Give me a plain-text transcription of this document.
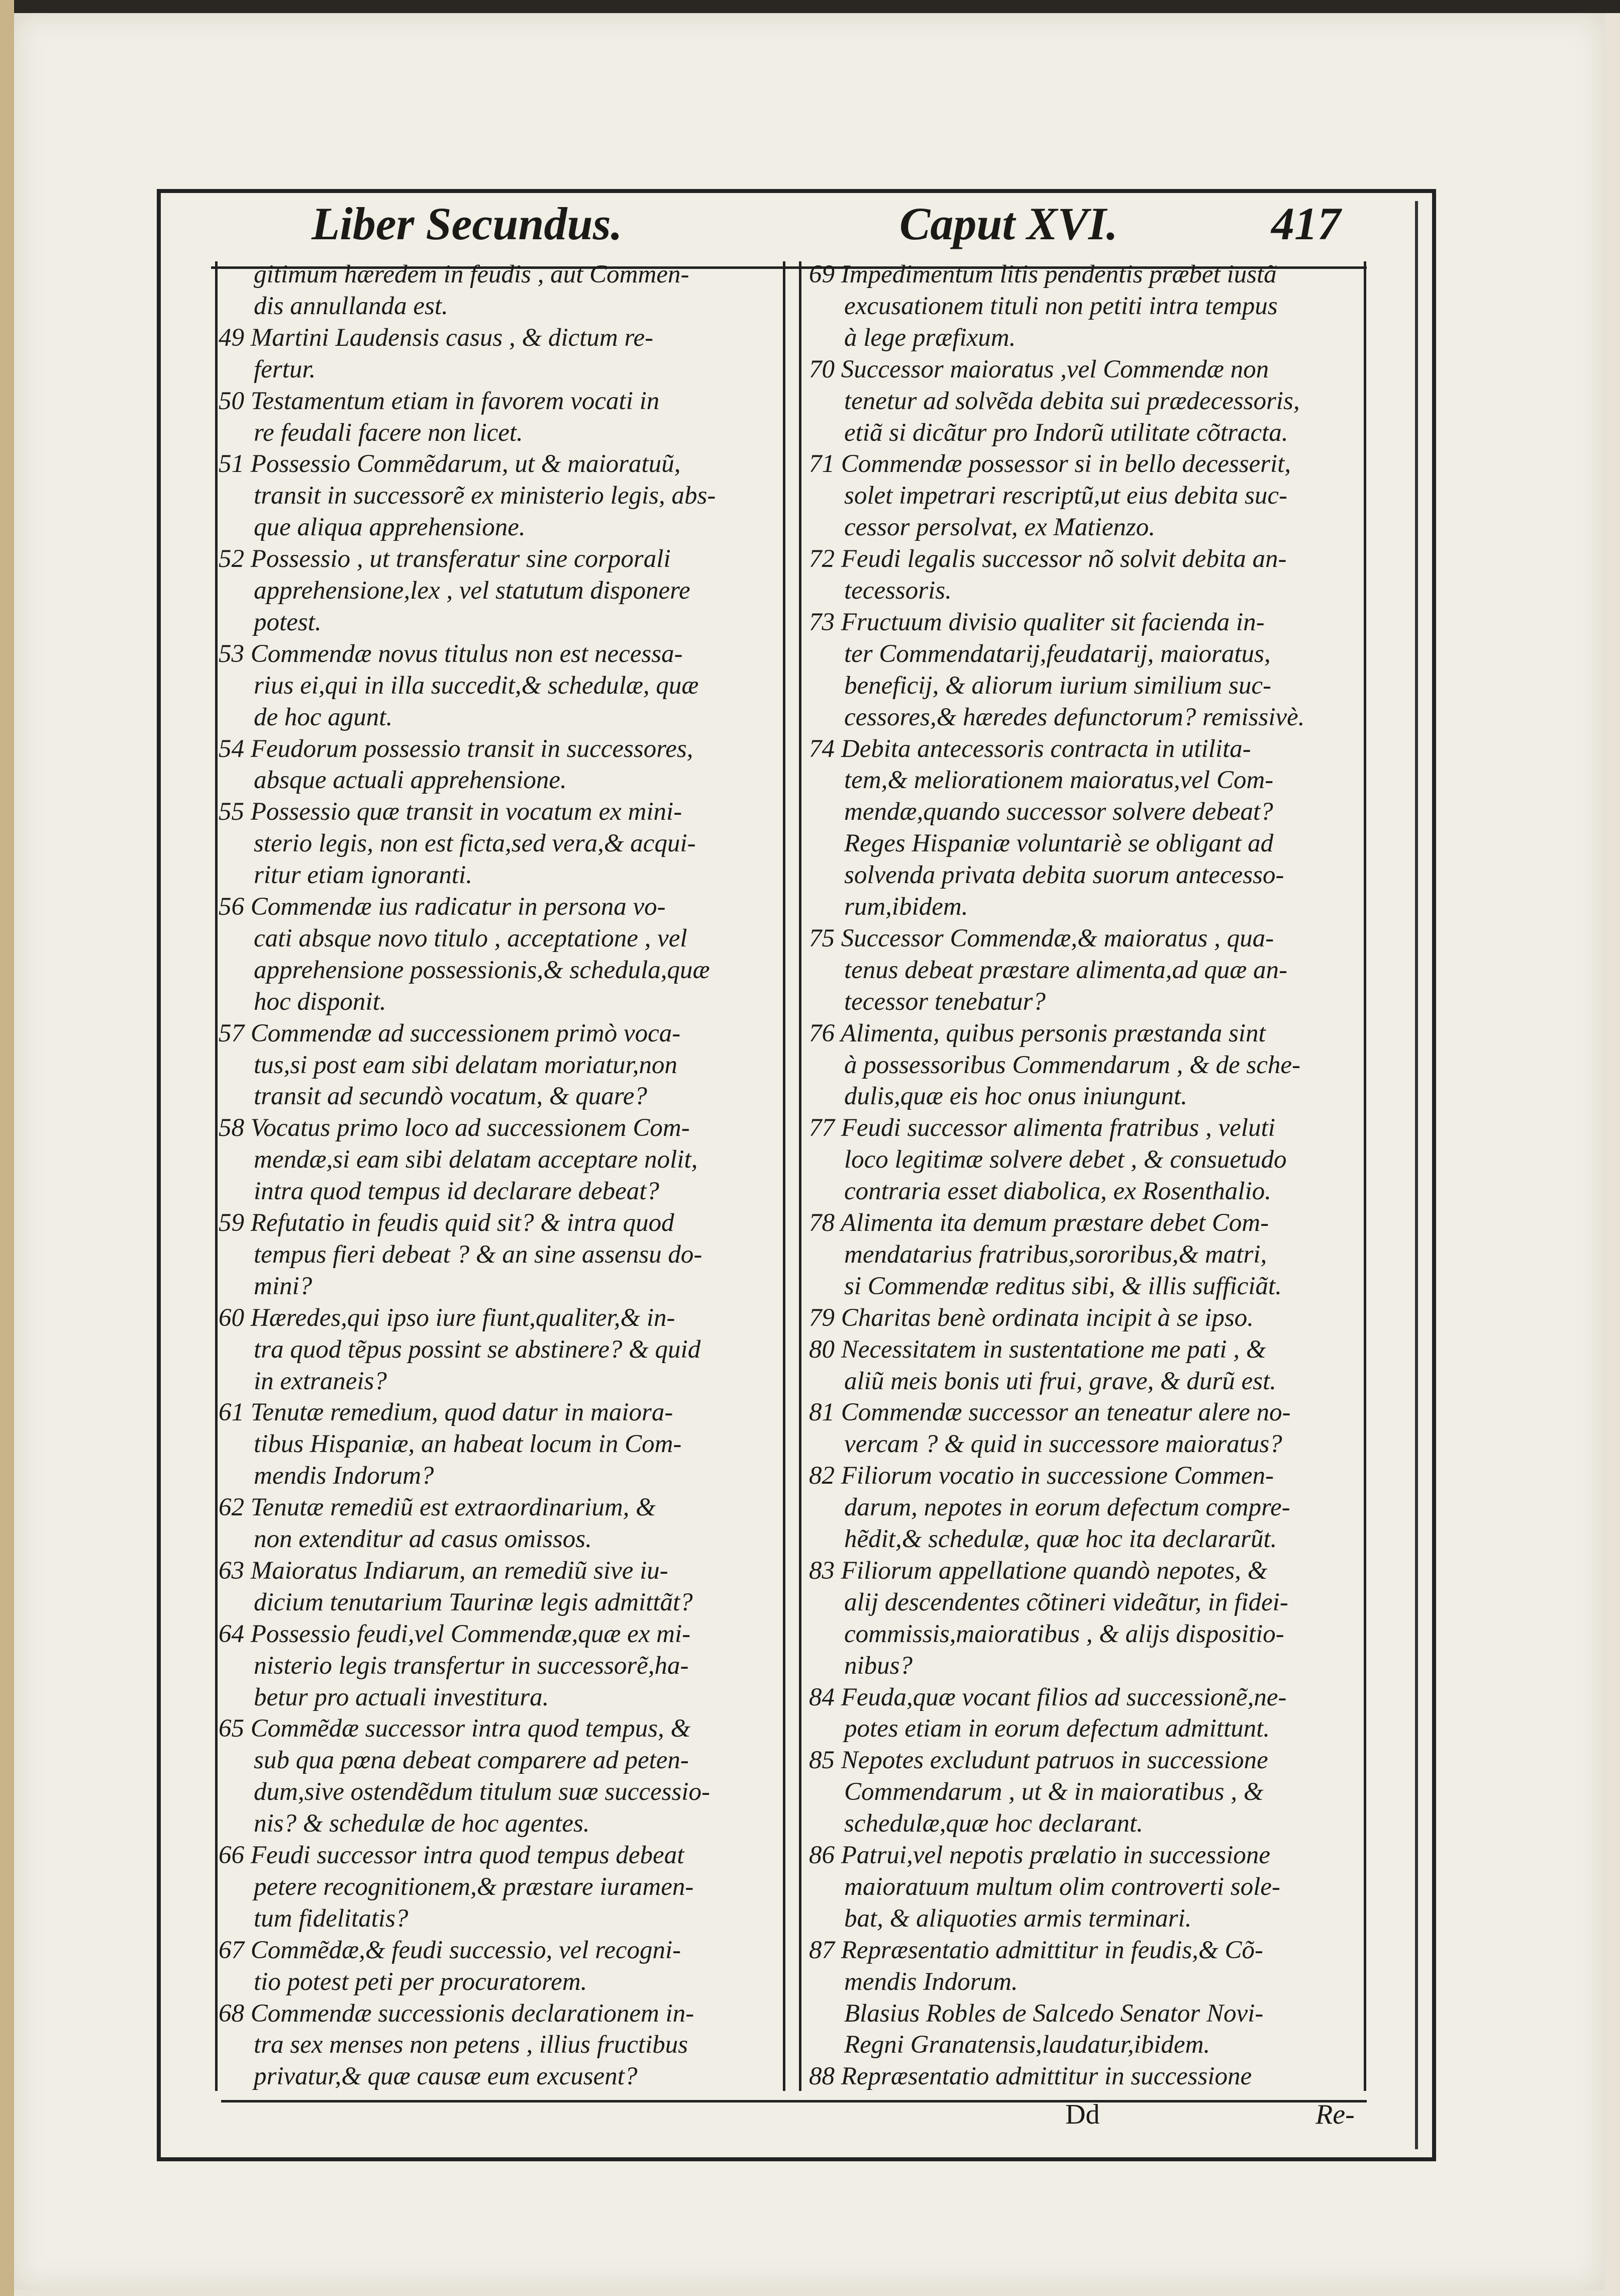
Liber Secundus.	Caput XVI.	417
gitimum hæredem in feudis , aut Commen-
dis annullanda est.
49 Martini Laudensis casus , & dictum re-
fertur.
50 Testamentum etiam in favorem vocati in
re feudali facere non licet.
51 Possessio Commẽdarum, ut & maioratuũ,
transit in successorẽ ex ministerio legis, abs-
que aliqua apprehensione.
52 Possessio , ut transferatur sine corporali
apprehensione,lex , vel statutum disponere
potest.
53 Commendæ novus titulus non est necessa-
rius ei,qui in illa succedit,& schedulæ, quæ
de hoc agunt.
54 Feudorum possessio transit in successores,
absque actuali apprehensione.
55 Possessio quæ transit in vocatum ex mini-
sterio legis, non est ficta,sed vera,& acqui-
ritur etiam ignoranti.
56 Commendæ ius radicatur in persona vo-
cati absque novo titulo , acceptatione , vel
apprehensione possessionis,& schedula,quæ
hoc disponit.
57 Commendæ ad successionem primò voca-
tus,si post eam sibi delatam moriatur,non
transit ad secundò vocatum, & quare?
58 Vocatus primo loco ad successionem Com-
mendæ,si eam sibi delatam acceptare nolit,
intra quod tempus id declarare debeat?
59 Refutatio in feudis quid sit? & intra quod
tempus fieri debeat ? & an sine assensu do-
mini?
60 Hæredes,qui ipso iure fiunt,qualiter,& in-
tra quod tẽpus possint se abstinere? & quid
in extraneis?
61 Tenutæ remedium, quod datur in maiora-
tibus Hispaniæ, an habeat locum in Com-
mendis Indorum?
62 Tenutæ remediũ est extraordinarium, &
non extenditur ad casus omissos.
63 Maioratus Indiarum, an remediũ sive iu-
dicium tenutarium Taurinæ legis admittãt?
64 Possessio feudi,vel Commendæ,quæ ex mi-
nisterio legis transfertur in successorẽ,ha-
betur pro actuali investitura.
65 Commẽdæ successor intra quod tempus, &
sub qua pœna debeat comparere ad peten-
dum,sive ostendẽdum titulum suæ successio-
nis? & schedulæ de hoc agentes.
66 Feudi successor intra quod tempus debeat
petere recognitionem,& præstare iuramen-
tum fidelitatis?
67 Commẽdæ,& feudi successio, vel recogni-
tio potest peti per procuratorem.
68 Commendæ successionis declarationem in-
tra sex menses non petens , illius fructibus
privatur,& quæ causæ eum excusent?
69 Impedimentum litis pendentis præbet iustã
excusationem tituli non petiti intra tempus
à lege præfixum.
70 Successor maioratus ,vel Commendæ non
tenetur ad solvẽda debita sui prædecessoris,
etiã si dicãtur pro Indorũ utilitate cõtracta.
71 Commendæ possessor si in bello decesserit,
solet impetrari rescriptũ,ut eius debita suc-
cessor persolvat, ex Matienzo.
72 Feudi legalis successor nõ solvit debita an-
tecessoris.
73 Fructuum divisio qualiter sit facienda in-
ter Commendatarij,feudatarij, maioratus,
beneficij, & aliorum iurium similium suc-
cessores,& hæredes defunctorum? remissivè.
74 Debita antecessoris contracta in utilita-
tem,& meliorationem maioratus,vel Com-
mendæ,quando successor solvere debeat?
Reges Hispaniæ voluntariè se obligant ad
solvenda privata debita suorum antecesso-
rum,ibidem.
75 Successor Commendæ,& maioratus , qua-
tenus debeat præstare alimenta,ad quæ an-
tecessor tenebatur?
76 Alimenta, quibus personis præstanda sint
à possessoribus Commendarum , & de sche-
dulis,quæ eis hoc onus iniungunt.
77 Feudi successor alimenta fratribus , veluti
loco legitimæ solvere debet , & consuetudo
contraria esset diabolica, ex Rosenthalio.
78 Alimenta ita demum præstare debet Com-
mendatarius fratribus,sororibus,& matri,
si Commendæ reditus sibi, & illis sufficiãt.
79 Charitas benè ordinata incipit à se ipso.
80 Necessitatem in sustentatione me pati , &
aliũ meis bonis uti frui, grave, & durũ est.
81 Commendæ successor an teneatur alere no-
vercam ? & quid in successore maioratus?
82 Filiorum vocatio in successione Commen-
darum, nepotes in eorum defectum compre-
hẽdit,& schedulæ, quæ hoc ita declararũt.
83 Filiorum appellatione quandò nepotes, &
alij descendentes cõtineri videãtur, in fidei-
commissis,maioratibus , & alijs dispositio-
nibus?
84 Feuda,quæ vocant filios ad successionẽ,ne-
potes etiam in eorum defectum admittunt.
85 Nepotes excludunt patruos in successione
Commendarum , ut & in maioratibus , &
schedulæ,quæ hoc declarant.
86 Patrui,vel nepotis prælatio in successione
maioratuum multum olim controverti sole-
bat, & aliquoties armis terminari.
87 Repræsentatio admittitur in feudis,& Cõ-
mendis Indorum.
Blasius Robles de Salcedo Senator Novi-
Regni Granatensis,laudatur,ibidem.
88 Repræsentatio admittitur in successione
Dd	Re-
